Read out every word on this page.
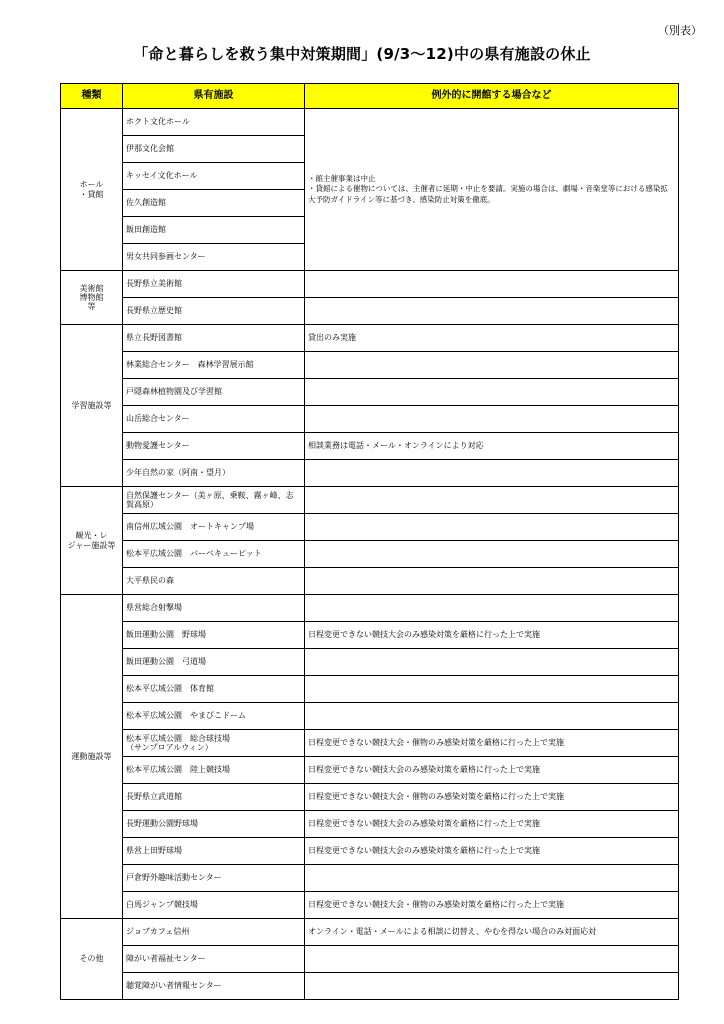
（別表）
「命と暮らしを救う集中対策期間」(9/3～12)中の県有施設の休止
種類	県有施設	例外的に開館する場合など
ホール
・貸館	ホクト文化ホール	・館主催事業は中止
・貸館による催物については、主催者に延期・中止を要請。実施の場合は、劇場・音楽堂等における感染拡大予防ガイドライン等に基づき、感染防止対策を徹底。
	伊那文化会館	
	キッセイ文化ホール	
	佐久創造館	
	飯田創造館	
	男女共同参画センター	
美術館
博物館
等	長野県立美術館	
	長野県立歴史館	
学習施設等	県立長野図書館	貸出のみ実施
	林業総合センター　森林学習展示館	
	戸隠森林植物園及び学習館	
	山岳総合センター	
	動物愛護センター	相談業務は電話・メール・オンラインにより対応
	少年自然の家（阿南・望月）	
観光・レ
ジャー施設等	自然保護センター（美ヶ原、乗鞍、霧ヶ峰、志賀高原）	
	南信州広域公園　オートキャンプ場	
	松本平広域公園　バーベキューピット	
	大平県民の森	
運動施設等	県営総合射撃場	
	飯田運動公園　野球場	日程変更できない競技大会のみ感染対策を厳格に行った上で実施
	飯田運動公園　弓道場	
	松本平広域公園　体育館	
	松本平広域公園　やまびこドーム	
	松本平広域公園　総合球技場
（サンプロアルウィン）	日程変更できない競技大会・催物のみ感染対策を厳格に行った上で実施
	松本平広域公園　陸上競技場	日程変更できない競技大会のみ感染対策を厳格に行った上で実施
	長野県立武道館	日程変更できない競技大会・催物のみ感染対策を厳格に行った上で実施
	長野運動公園野球場	日程変更できない競技大会のみ感染対策を厳格に行った上で実施
	県営上田野球場	日程変更できない競技大会のみ感染対策を厳格に行った上で実施
	戸倉野外趣味活動センター	
	白馬ジャンプ競技場	日程変更できない競技大会・催物のみ感染対策を厳格に行った上で実施
その他	ジョブカフェ信州	オンライン・電話・メールによる相談に切替え、やむを得ない場合のみ対面応対
	障がい者福祉センター	
	聴覚障がい者情報センター	
